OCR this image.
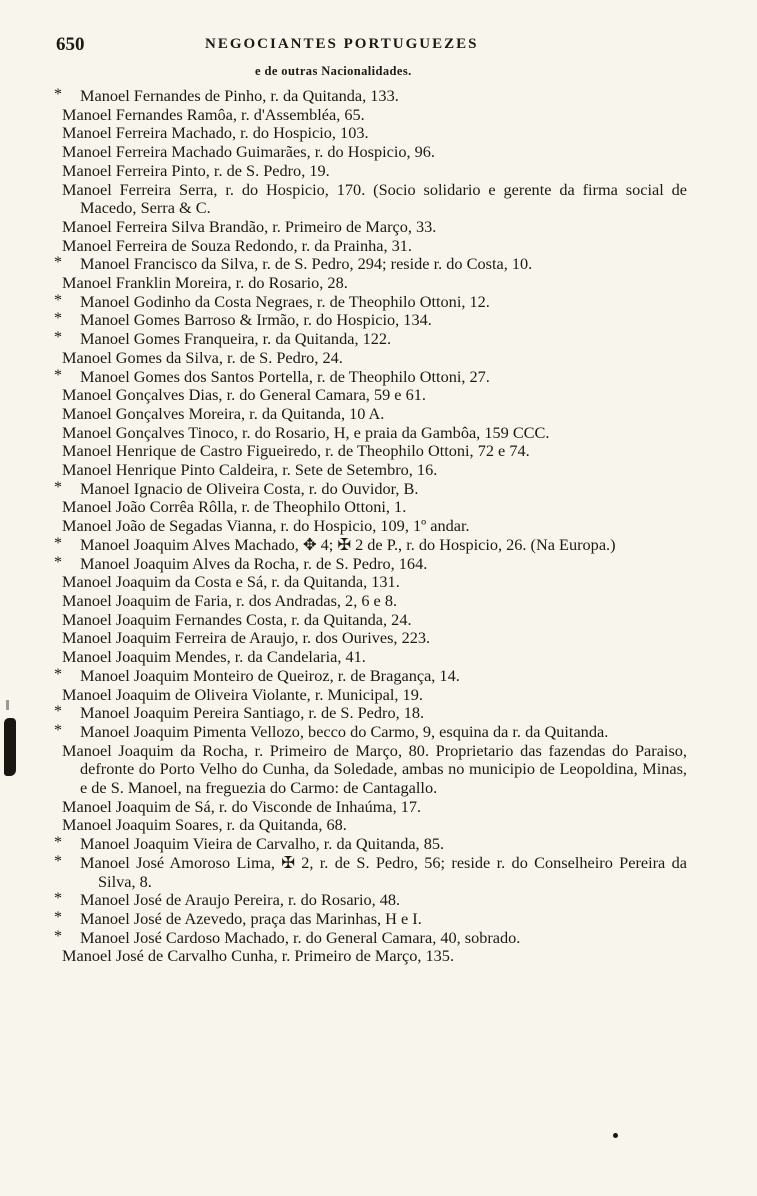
650	NEGOCIANTES PORTUGUEZES
e de outras Nacionalidades.
* Manoel Fernandes de Pinho, r. da Quitanda, 133.
Manoel Fernandes Ramôa, r. d'Assembléa, 65.
Manoel Ferreira Machado, r. do Hospicio, 103.
Manoel Ferreira Machado Guimarães, r. do Hospicio, 96.
Manoel Ferreira Pinto, r. de S. Pedro, 19.
Manoel Ferreira Serra, r. do Hospicio, 170. (Socio solidario e gerente da firma social de Macedo, Serra & C.
Manoel Ferreira Silva Brandão, r. Primeiro de Março, 33.
Manoel Ferreira de Souza Redondo, r. da Prainha, 31.
* Manoel Francisco da Silva, r. de S. Pedro, 294; reside r. do Costa, 10.
Manoel Franklin Moreira, r. do Rosario, 28.
* Manoel Godinho da Costa Negraes, r. de Theophilo Ottoni, 12.
* Manoel Gomes Barroso & Irmão, r. do Hospicio, 134.
* Manoel Gomes Franqueira, r. da Quitanda, 122.
Manoel Gomes da Silva, r. de S. Pedro, 24.
* Manoel Gomes dos Santos Portella, r. de Theophilo Ottoni, 27.
Manoel Gonçalves Dias, r. do General Camara, 59 e 61.
Manoel Gonçalves Moreira, r. da Quitanda, 10 A.
Manoel Gonçalves Tinoco, r. do Rosario, H, e praia da Gambôa, 159 CCC.
Manoel Henrique de Castro Figueiredo, r. de Theophilo Ottoni, 72 e 74.
Manoel Henrique Pinto Caldeira, r. Sete de Setembro, 16.
* Manoel Ignacio de Oliveira Costa, r. do Ouvidor, B.
Manoel João Corrêa Rôlla, r. de Theophilo Ottoni, 1.
Manoel João de Segadas Vianna, r. do Hospicio, 109, 1º andar.
* Manoel Joaquim Alves Machado, ✥ 4; ✠ 2 de P., r. do Hospicio, 26. (Na Europa.)
* Manoel Joaquim Alves da Rocha, r. de S. Pedro, 164.
Manoel Joaquim da Costa e Sá, r. da Quitanda, 131.
Manoel Joaquim de Faria, r. dos Andradas, 2, 6 e 8.
Manoel Joaquim Fernandes Costa, r. da Quitanda, 24.
Manoel Joaquim Ferreira de Araujo, r. dos Ourives, 223.
Manoel Joaquim Mendes, r. da Candelaria, 41.
* Manoel Joaquim Monteiro de Queiroz, r. de Bragança, 14.
Manoel Joaquim de Oliveira Violante, r. Municipal, 19.
* Manoel Joaquim Pereira Santiago, r. de S. Pedro, 18.
* Manoel Joaquim Pimenta Vellozo, becco do Carmo, 9, esquina da r. da Quitanda.
Manoel Joaquim da Rocha, r. Primeiro de Março, 80. Proprietario das fazendas do Paraiso, defronte do Porto Velho do Cunha, da Soledade, ambas no municipio de Leopoldina, Minas, e de S. Manoel, na freguezia do Carmo: de Cantagallo.
Manoel Joaquim de Sá, r. do Visconde de Inhaúma, 17.
Manoel Joaquim Soares, r. da Quitanda, 68.
* Manoel Joaquim Vieira de Carvalho, r. da Quitanda, 85.
* Manoel José Amoroso Lima, ✠ 2, r. de S. Pedro, 56; reside r. do Conselheiro Pereira da Silva, 8.
* Manoel José de Araujo Pereira, r. do Rosario, 48.
* Manoel José de Azevedo, praça das Marinhas, H e I.
* Manoel José Cardoso Machado, r. do General Camara, 40, sobrado.
Manoel José de Carvalho Cunha, r. Primeiro de Março, 135.
